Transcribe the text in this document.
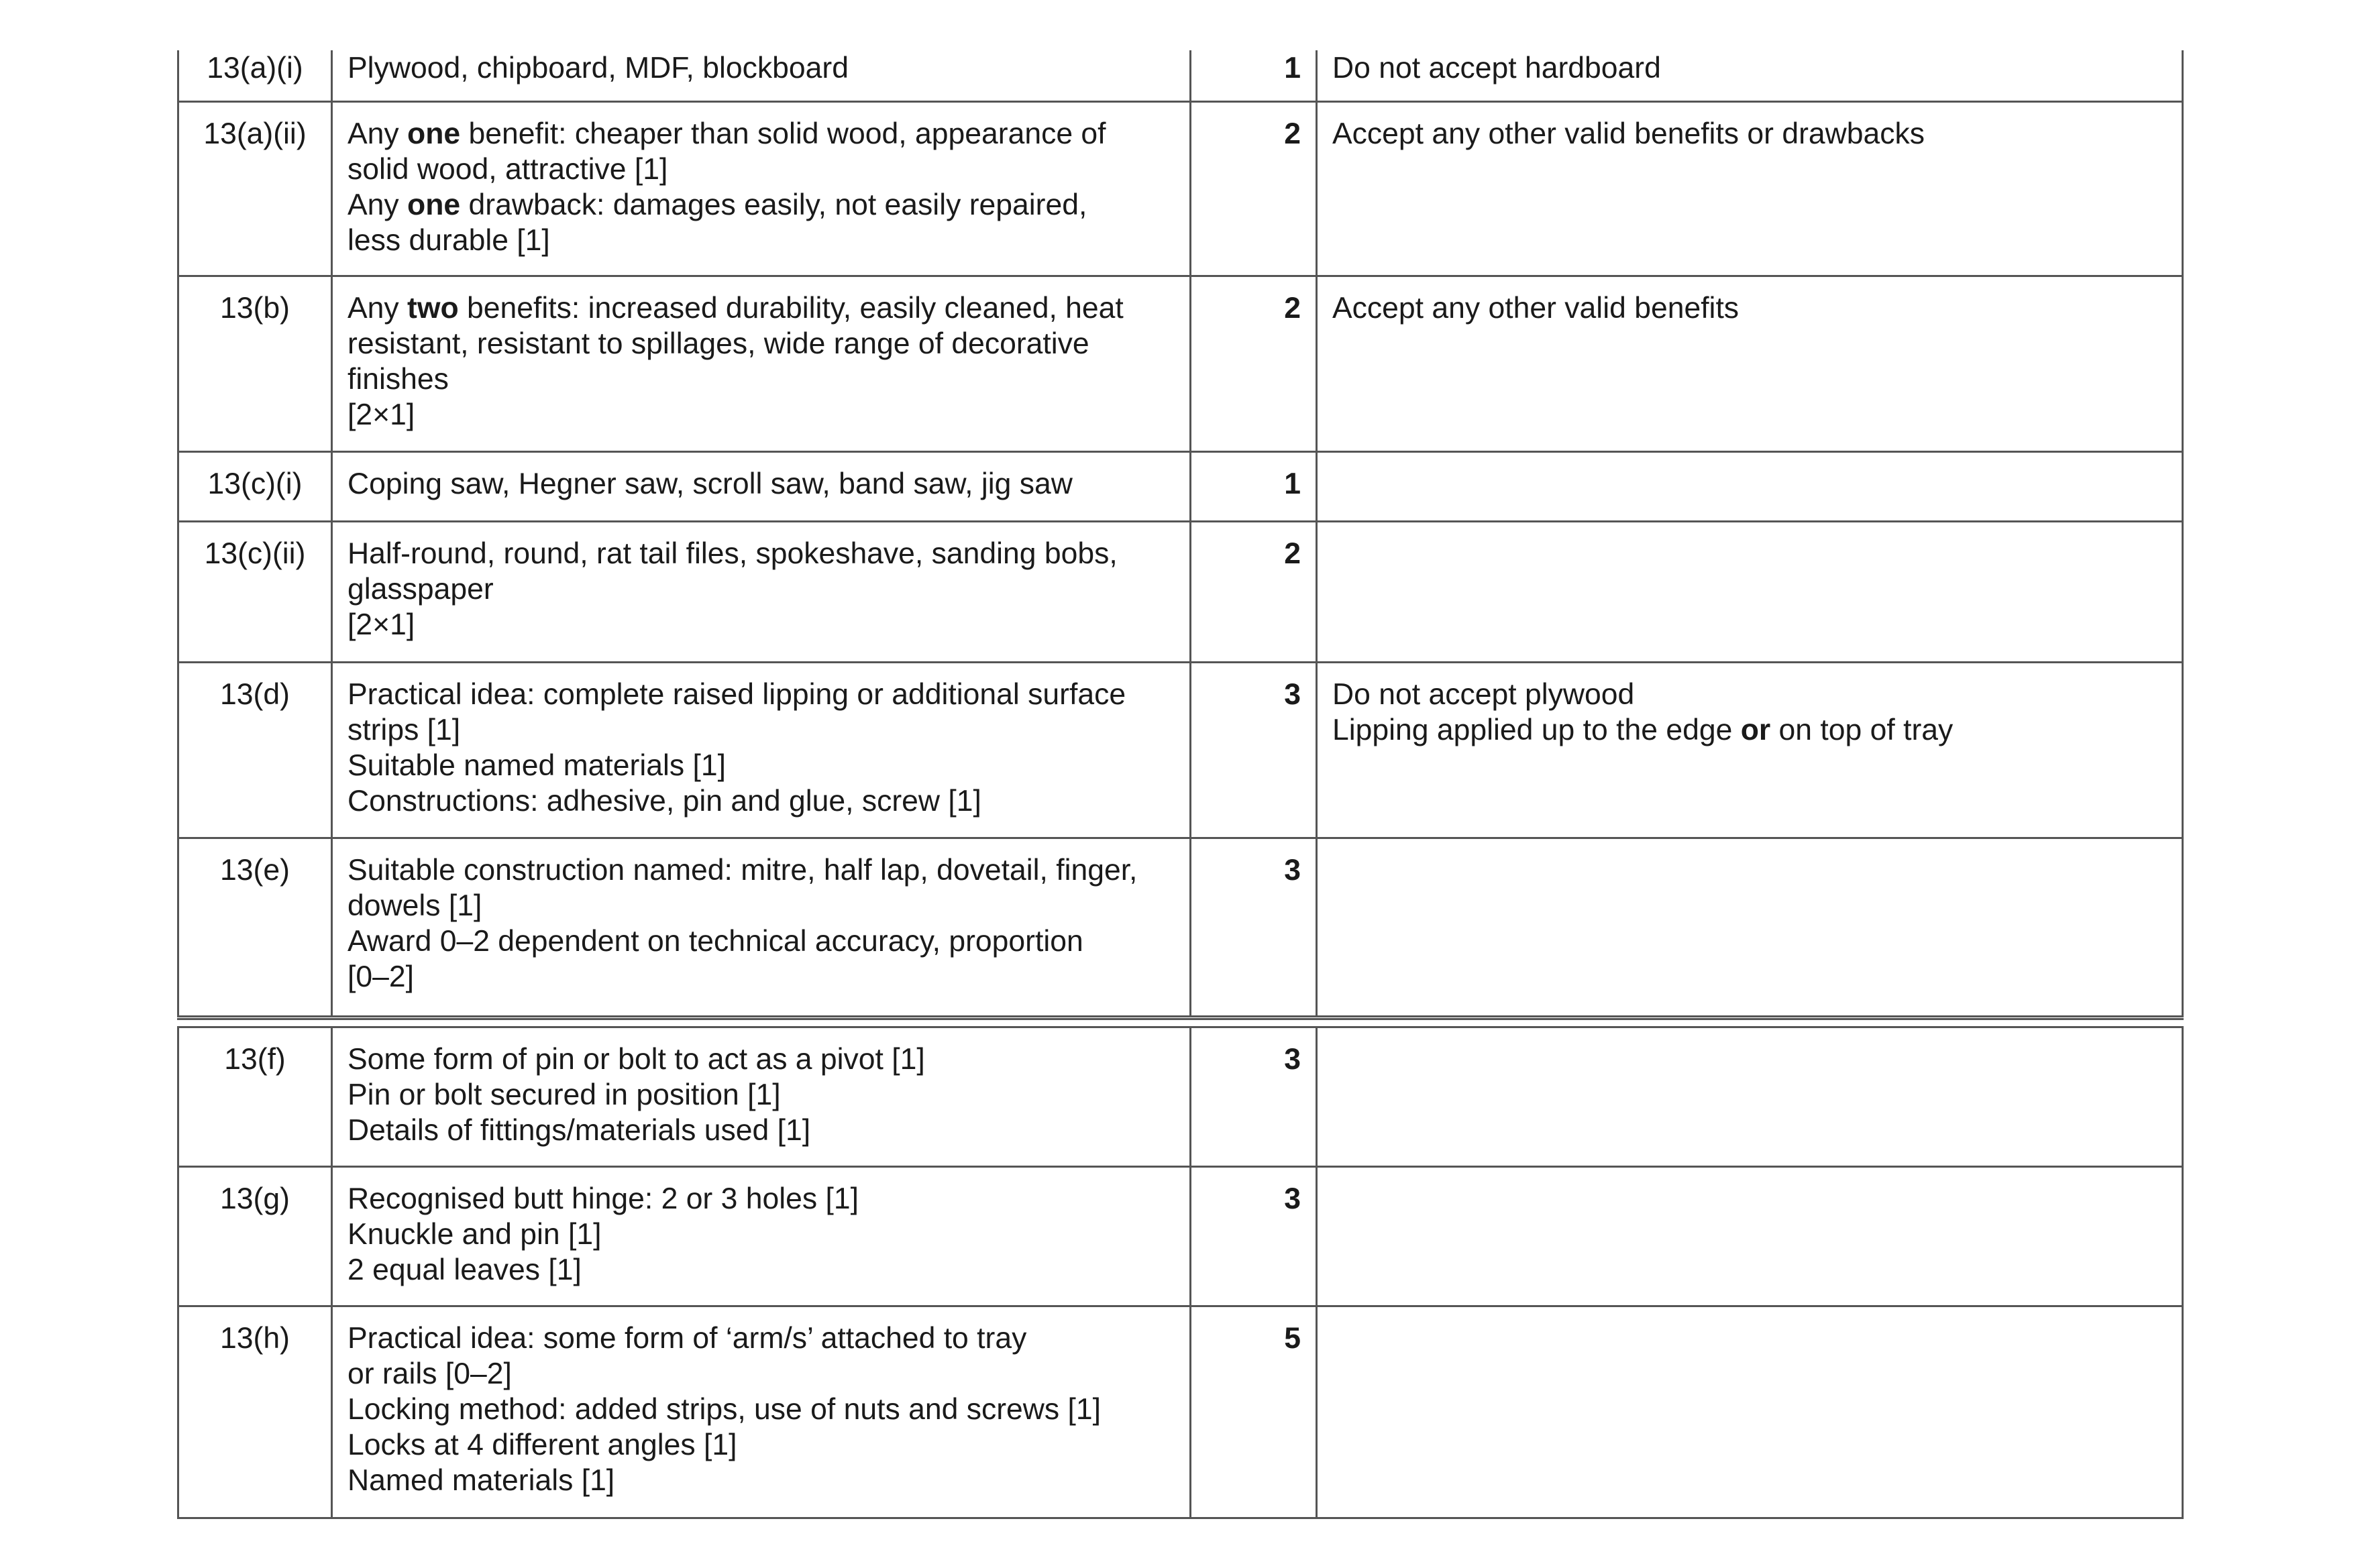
13(a)(i)	Plywood, chipboard, MDF, blockboard	1	Do not accept hardboard

13(a)(ii)	Any one benefit: cheaper than solid wood, appearance of
solid wood, attractive [1]
Any one drawback: damages easily, not easily repaired,
less durable [1]	2	Accept any other valid benefits or drawbacks

13(b)	Any two benefits: increased durability, easily cleaned, heat
resistant, resistant to spillages, wide range of decorative
finishes
[2×1]	2	Accept any other valid benefits

13(c)(i)	Coping saw, Hegner saw, scroll saw, band saw, jig saw	1	
13(c)(ii)	Half-round, round, rat tail files, spokeshave, sanding bobs,
glasspaper
[2×1]	2	
13(d)	Practical idea: complete raised lipping or additional surface
strips [1]
Suitable named materials [1]
Constructions: adhesive, pin and glue, screw [1]	3	Do not accept plywood
Lipping applied up to the edge or on top of tray

13(e)	Suitable construction named: mitre, half lap, dovetail, finger,
dowels [1]
Award 0–2 dependent on technical accuracy, proportion
[0–2]	3	
13(f)	Some form of pin or bolt to act as a pivot [1]
Pin or bolt secured in position [1]
Details of fittings/materials used [1]	3	
13(g)	Recognised butt hinge: 2 or 3 holes [1]
Knuckle and pin [1]
2 equal leaves [1]	3	
13(h)	Practical idea: some form of ‘arm/s’ attached to tray
or rails [0–2]
Locking method: added strips, use of nuts and screws [1]
Locks at 4 different angles [1]
Named materials [1]	5	
